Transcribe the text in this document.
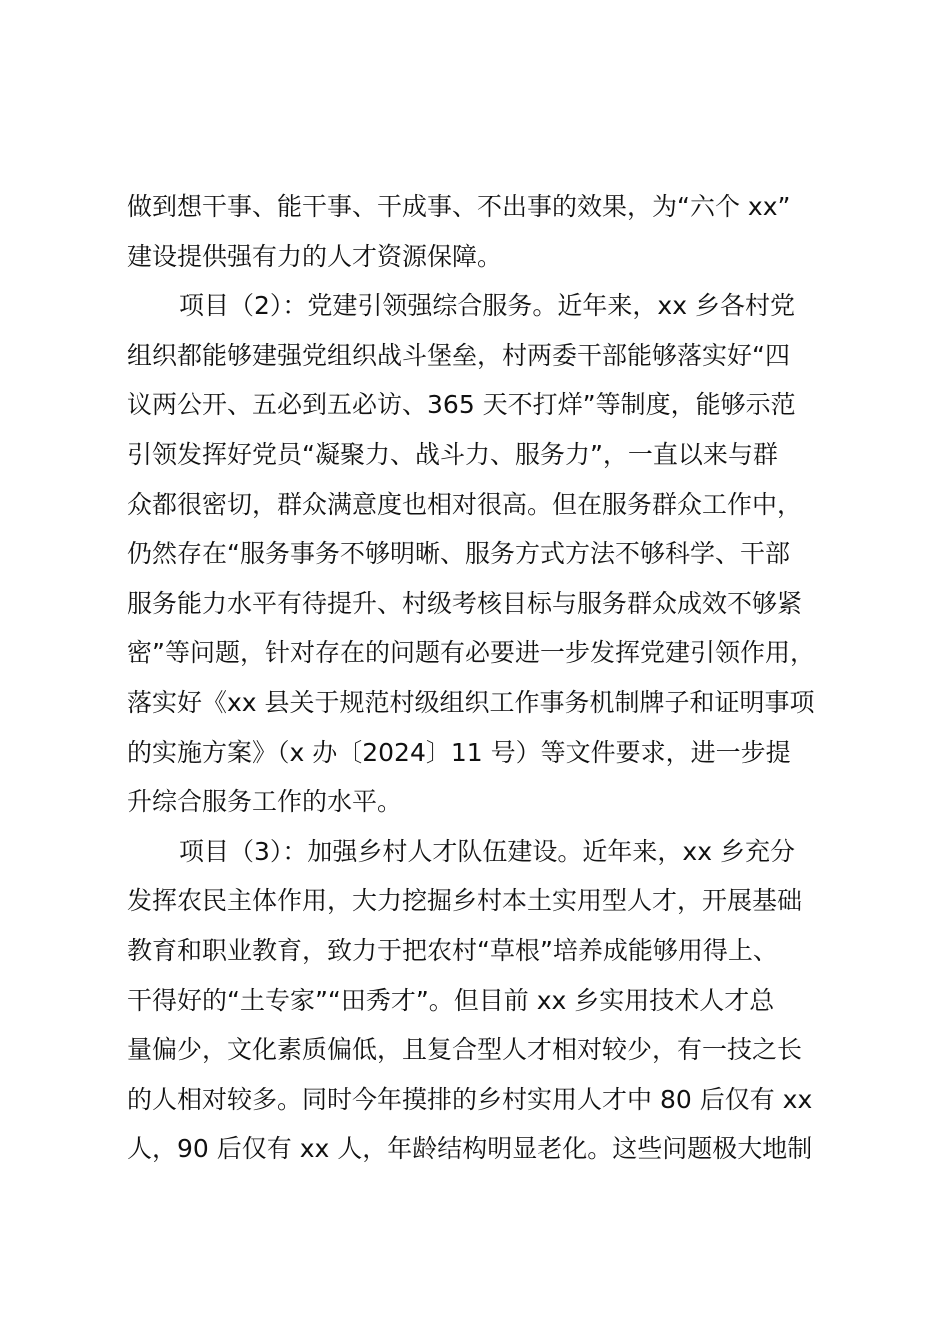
做到想干事、能干事、干成事、不出事的效果，为“六个 xx”
建设提供强有力的人才资源保障。

项目（2）：党建引领强综合服务。近年来，xx 乡各村党
组织都能够建强党组织战斗堡垒，村两委干部能够落实好“四
议两公开、五必到五必访、365 天不打烊”等制度，能够示范
引领发挥好党员“凝聚力、战斗力、服务力”，一直以来与群
众都很密切，群众满意度也相对很高。但在服务群众工作中，
仍然存在“服务事务不够明晰、服务方式方法不够科学、干部
服务能力水平有待提升、村级考核目标与服务群众成效不够紧
密”等问题，针对存在的问题有必要进一步发挥党建引领作用，
落实好《xx 县关于规范村级组织工作事务机制牌子和证明事项
的实施方案》（x 办〔2024〕11 号）等文件要求，进一步提
升综合服务工作的水平。

项目（3）：加强乡村人才队伍建设。近年来，xx 乡充分
发挥农民主体作用，大力挖掘乡村本土实用型人才，开展基础
教育和职业教育，致力于把农村“草根”培养成能够用得上、
干得好的“土专家”“田秀才”。但目前 xx 乡实用技术人才总
量偏少，文化素质偏低，且复合型人才相对较少，有一技之长
的人相对较多。同时今年摸排的乡村实用人才中 80 后仅有 xx
人，90 后仅有 xx 人，年龄结构明显老化。这些问题极大地制
